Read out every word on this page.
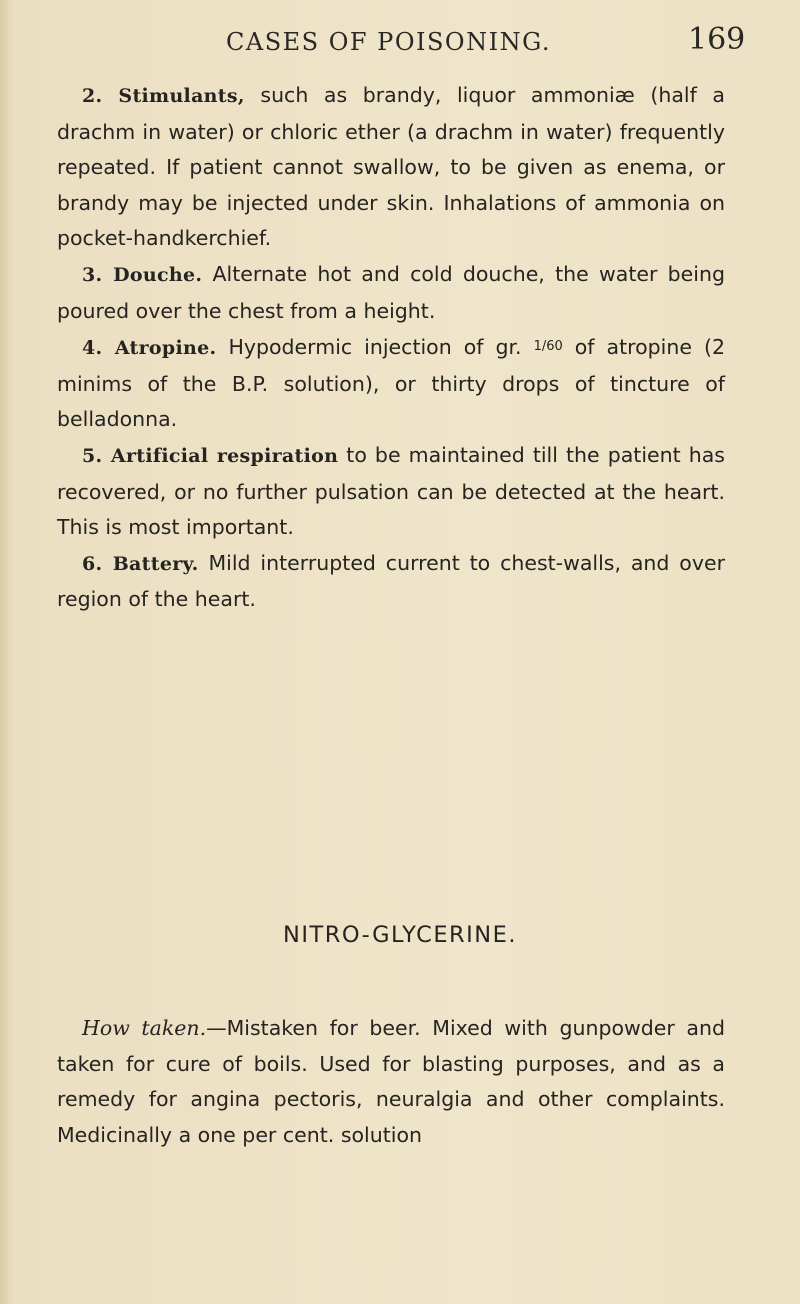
CASES OF POISONING.	169

2. Stimulants, such as brandy, liquor ammoniæ (half a drachm in water) or chloric ether (a drachm in water) frequently repeated. If patient cannot swallow, to be given as enema, or brandy may be injected under skin. Inhalations of ammonia on pocket-handkerchief.

3. Douche. Alternate hot and cold douche, the water being poured over the chest from a height.

4. Atropine. Hypodermic injection of gr. 1/60 of atropine (2 minims of the B.P. solution), or thirty drops of tincture of belladonna.

5. Artificial respiration to be maintained till the patient has recovered, or no further pulsation can be detected at the heart. This is most important.

6. Battery. Mild interrupted current to chest-walls, and over region of the heart.

NITRO-GLYCERINE.

How taken.—Mistaken for beer. Mixed with gunpowder and taken for cure of boils. Used for blasting purposes, and as a remedy for angina pectoris, neuralgia and other complaints. Medicinally a one per cent. solution
